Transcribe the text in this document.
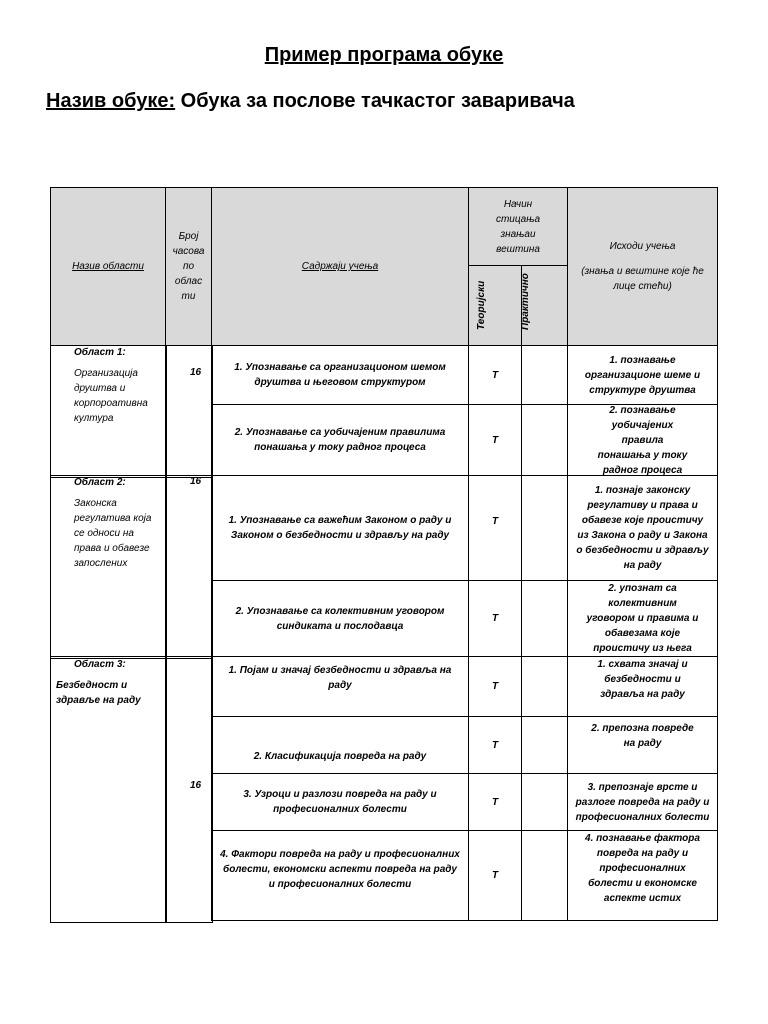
Пример програма обуке
Назив обуке: Обука за послове тачкастог заваривача
Назив области
Број часова по облас ти
Садржаји учења
Начин стицања знањаи вештина
Теоријски	Практично
Исходи учења
(знања и вештине које ће лице стећи)
Област 1:
Организација друштва и корпороативна култура
16
Област 2:
Законска регулатива која се односи на права и обавезе запослених
16
Област 3:
Безбедност и здравље на раду
16
1. Упознавање са организационом шемом друштва и његовом структуром
Т
1. познавање организационе шеме и структуре друштва
2. Упознавање са уобичајеним правилима понашања у току радног процеса
Т
2. познавање уобичајених правила понашања у току радног процеса
1. Упознавање са важећим Законом о раду и Законом о безбедности и здрављу на раду
Т
1. познаје законску регулативу и права и обавезе које проистичу из Закона о раду и Закона о безбедности и здрављу на раду
2. Упознавање са колективним уговором синдиката и послодавца
Т
2. упознат са колективним уговором и правима и обавезама које проистичу из њега
1. Појам и значај безбедности и здравља на раду	Т
1. схвата значај и безбедности и здравља на раду
2. Класификација повреда на раду
Т
2. препозна повреде на раду
3. Узроци и разлози повреда на раду и професионалних болести
Т
3. препознаје врсте и разлоге повреда на раду и професионалних болести
4. Фактори повреда на раду и професионалних болести, економски аспекти повреда на раду и професионалних болести
Т
4. познавање фактора повреда на раду и професионалних болести и економске аспекте истих
